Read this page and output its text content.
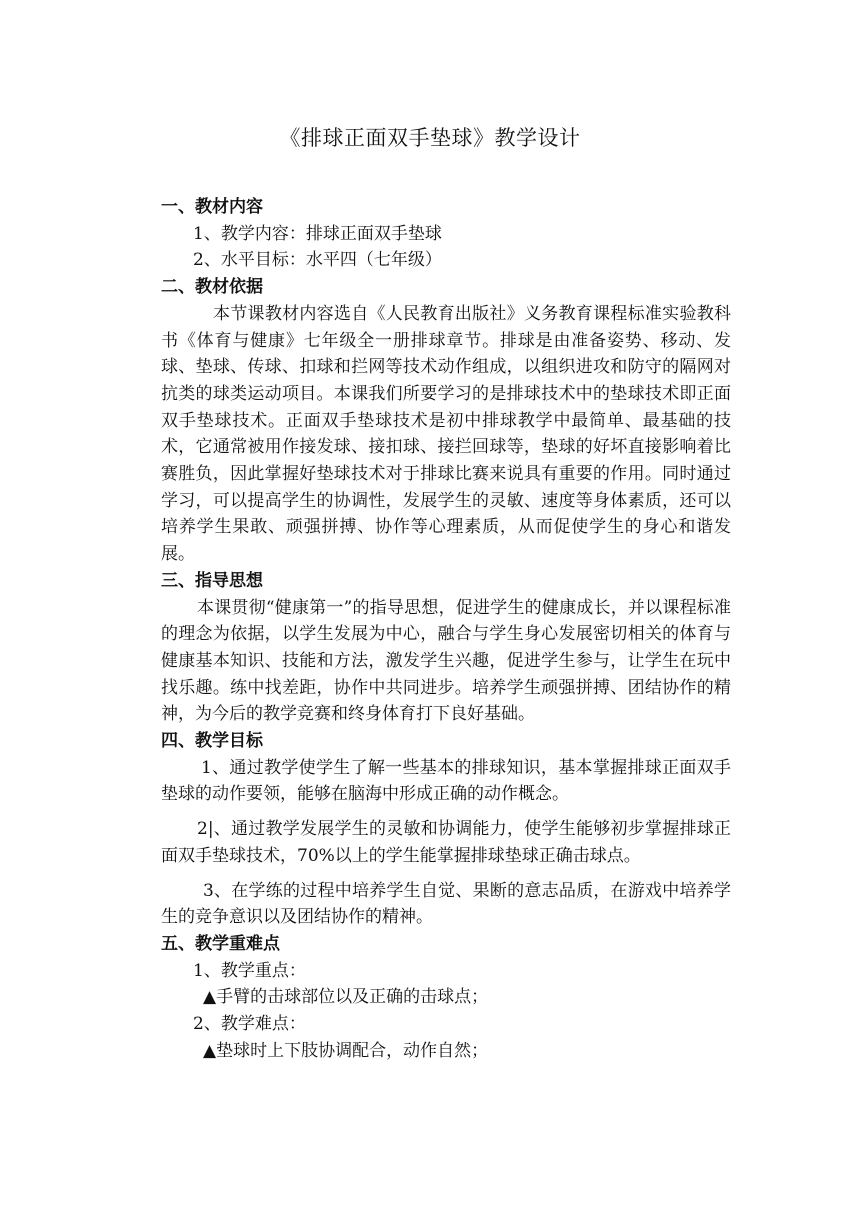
《排球正面双手垫球》教学设计

一、教材内容

1、教学内容：排球正面双手垫球

2、水平目标：水平四（七年级）

二、教材依据

本节课教材内容选自《人民教育出版社》义务教育课程标准实验教科书《体育与健康》七年级全一册排球章节。排球是由准备姿势、移动、发球、垫球、传球、扣球和拦网等技术动作组成，以组织进攻和防守的隔网对抗类的球类运动项目。本课我们所要学习的是排球技术中的垫球技术即正面双手垫球技术。正面双手垫球技术是初中排球教学中最简单、最基础的技术，它通常被用作接发球、接扣球、接拦回球等，垫球的好坏直接影响着比赛胜负，因此掌握好垫球技术对于排球比赛来说具有重要的作用。同时通过学习，可以提高学生的协调性，发展学生的灵敏、速度等身体素质，还可以培养学生果敢、顽强拼搏、协作等心理素质，从而促使学生的身心和谐发展。

三、指导思想

本课贯彻“健康第一”的指导思想，促进学生的健康成长，并以课程标准的理念为依据，以学生发展为中心，融合与学生身心发展密切相关的体育与健康基本知识、技能和方法，激发学生兴趣，促进学生参与，让学生在玩中找乐趣。练中找差距，协作中共同进步。培养学生顽强拼搏、团结协作的精神，为今后的教学竞赛和终身体育打下良好基础。

四、教学目标

1、通过教学使学生了解一些基本的排球知识，基本掌握排球正面双手垫球的动作要领，能够在脑海中形成正确的动作概念。

2|、通过教学发展学生的灵敏和协调能力，使学生能够初步掌握排球正面双手垫球技术，70%以上的学生能掌握排球垫球正确击球点。

3、在学练的过程中培养学生自觉、果断的意志品质，在游戏中培养学生的竞争意识以及团结协作的精神。

五、教学重难点

1、教学重点：

▲手臂的击球部位以及正确的击球点；

2、教学难点：

▲垫球时上下肢协调配合，动作自然；
